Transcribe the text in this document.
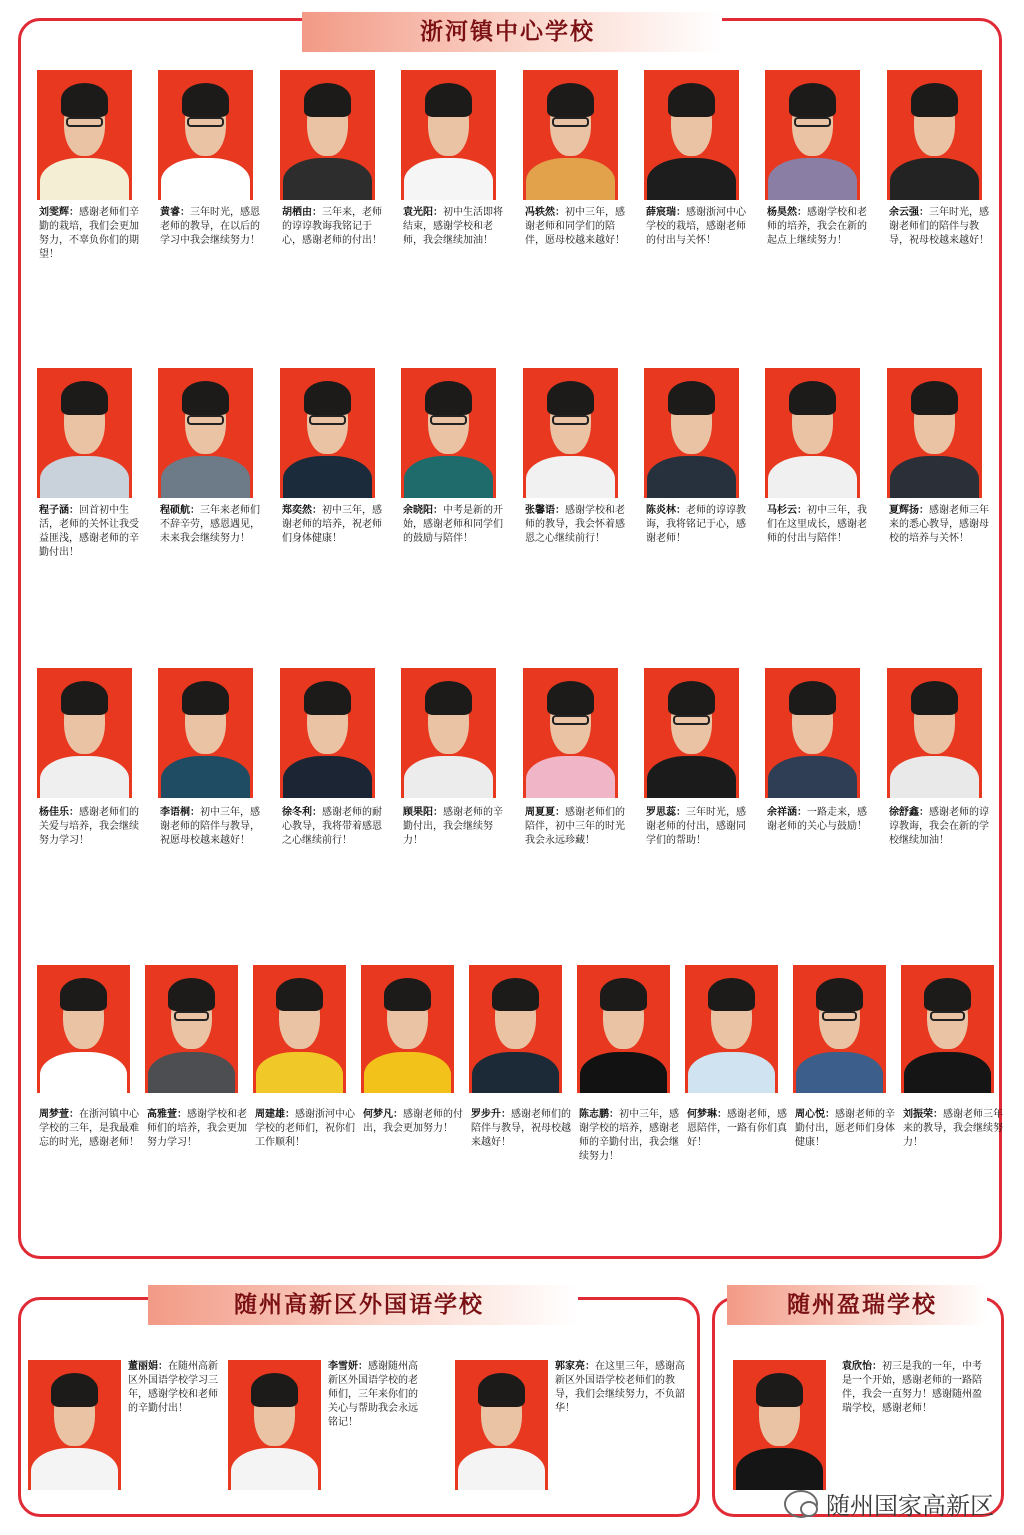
浙河镇中心学校
随州高新区外国语学校	随州盈瑞学校
刘雯辉：感谢老师们辛勤的栽培，我们会更加努力，不辜负你们的期望！
黄睿：三年时光，感恩老师的教导，在以后的学习中我会继续努力！
胡栖由：三年来，老师的谆谆教诲我铭记于心，感谢老师的付出！
袁光阳：初中生活即将结束，感谢学校和老师，我会继续加油！
冯轶然：初中三年，感谢老师和同学们的陪伴，愿母校越来越好！
薛宸瑞：感谢浙河中心学校的栽培，感谢老师的付出与关怀！
杨昊然：感谢学校和老师的培养，我会在新的起点上继续努力！
余云强：三年时光，感谢老师们的陪伴与教导，祝母校越来越好！
程子涵：回首初中生活，老师的关怀让我受益匪浅，感谢老师的辛勤付出！
程硕航：三年来老师们不辞辛劳，感恩遇见，未来我会继续努力！
郑奕然：初中三年，感谢老师的培养，祝老师们身体健康！
余晓阳：中考是新的开始，感谢老师和同学们的鼓励与陪伴！
张馨语：感谢学校和老师的教导，我会怀着感恩之心继续前行！
陈炎林：老师的谆谆教诲，我将铭记于心，感谢老师！
马杉云：初中三年，我们在这里成长，感谢老师的付出与陪伴！
夏辉扬：感谢老师三年来的悉心教导，感谢母校的培养与关怀！
杨佳乐：感谢老师们的关爱与培养，我会继续努力学习！
李语桐：初中三年，感谢老师的陪伴与教导，祝愿母校越来越好！
徐冬利：感谢老师的耐心教导，我将带着感恩之心继续前行！
顾果阳：感谢老师的辛勤付出，我会继续努力！
周夏夏：感谢老师们的陪伴，初中三年的时光我会永远珍藏！
罗思蕊：三年时光，感谢老师的付出，感谢同学们的帮助！
余祥涵：一路走来，感谢老师的关心与鼓励！
徐舒鑫：感谢老师的谆谆教诲，我会在新的学校继续加油！
周梦萱：在浙河镇中心学校的三年，是我最难忘的时光，感谢老师！
高雅萱：感谢学校和老师们的培养，我会更加努力学习！
周建雄：感谢浙河中心学校的老师们，祝你们工作顺利！
何梦凡：感谢老师的付出，我会更加努力！
罗步升：感谢老师们的陪伴与教导，祝母校越来越好！
陈志鹏：初中三年，感谢学校的培养，感谢老师的辛勤付出，我会继续努力！
何梦琳：感谢老师，感恩陪伴，一路有你们真好！
周心悦：感谢老师的辛勤付出，愿老师们身体健康！
刘振荣：感谢老师三年来的教导，我会继续努力！
董丽娟：在随州高新区外国语学校学习三年，感谢学校和老师的辛勤付出！
李雪妍：感谢随州高新区外国语学校的老师们，三年来你们的关心与帮助我会永远铭记！
郭家亮：在这里三年，感谢高新区外国语学校老师们的教导，我们会继续努力，不负韶华！
袁欣怡：初三是我的一年，中考是一个开始，感谢老师的一路陪伴，我会一直努力！感谢随州盈瑞学校，感谢老师！
随州国家高新区
